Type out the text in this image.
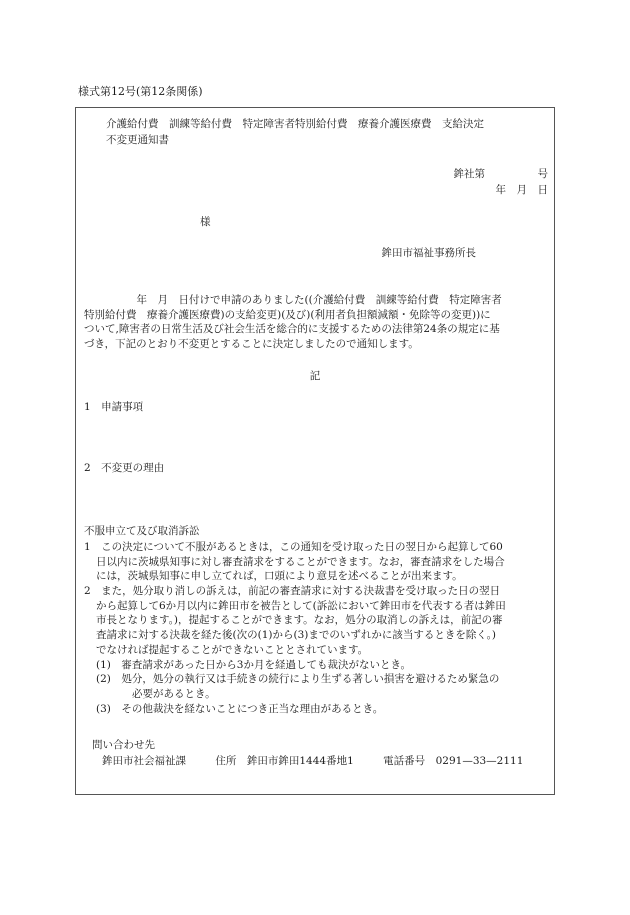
様式第12号(第12条関係)
介護給付費　訓練等給付費　特定障害者特別給付費　療養介護医療費　支給決定
不変更通知書
鉾社第　　　　　号
年　月　日
様
鉾田市福祉事務所長
　　　　　年　月　日付けで申請のありました((介護給付費　訓練等給付費　特定障害者
特別給付費　療養介護医療費)の支給変更)(及び)(利用者負担額減額・免除等の変更))に
ついて,障害者の日常生活及び社会生活を総合的に支援するための法律第24条の規定に基
づき，下記のとおり不変更とすることに決定しましたので通知します。
記
1　申請事項
2　不変更の理由
不服申立て及び取消訴訟
1　この決定について不服があるときは，この通知を受け取った日の翌日から起算して60
日以内に茨城県知事に対し審査請求をすることができます。なお，審査請求をした場合
には，茨城県知事に申し立てれば，口頭により意見を述べることが出来ます。
2　また，処分取り消しの訴えは，前記の審査請求に対する決裁書を受け取った日の翌日
から起算して6か月以内に鉾田市を被告として(訴訟において鉾田市を代表する者は鉾田
市長となります。)，提起することができます。なお，処分の取消しの訴えは，前記の審
査請求に対する決裁を経た後(次の(1)から(3)までのいずれかに該当するときを除く。)
でなければ提起することができないこととされています。
(1)　審査請求があった日から3か月を経過しても裁決がないとき。
(2)　処分，処分の執行又は手続きの続行により生ずる著しい損害を避けるため緊急の
必要があるとき。
(3)　その他裁決を経ないことにつき正当な理由があるとき。
問い合わせ先
鉾田市社会福祉課	住所　鉾田市鉾田1444番地1	電話番号　0291—33—2111
